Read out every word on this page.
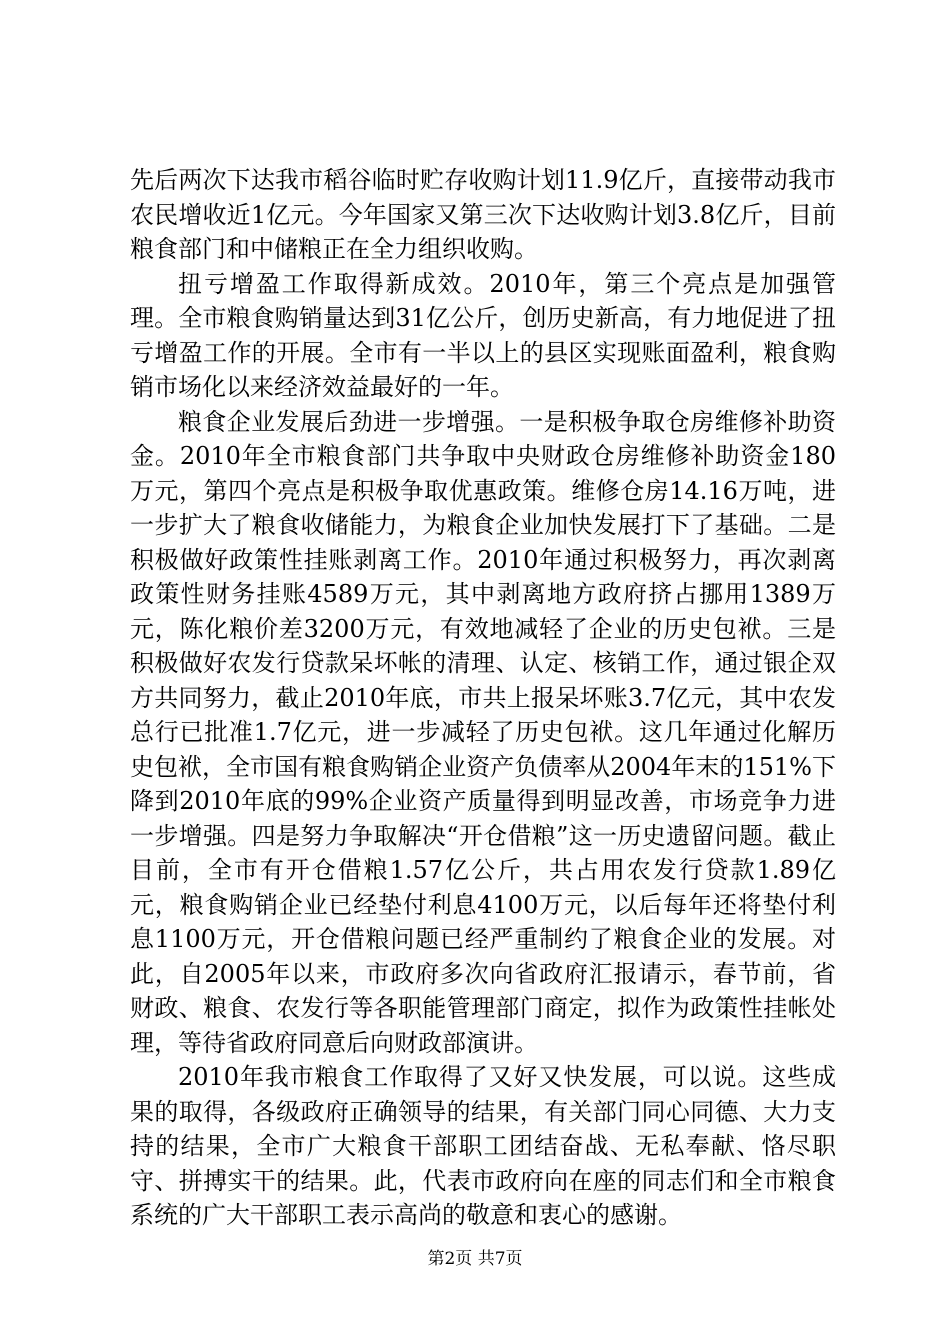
先后两次下达我市稻谷临时贮存收购计划11.9亿斤，直接带动我市农民增收近1亿元。今年国家又第三次下达收购计划3.8亿斤，目前粮食部门和中储粮正在全力组织收购。

扭亏增盈工作取得新成效。2010年，第三个亮点是加强管理。全市粮食购销量达到31亿公斤，创历史新高，有力地促进了扭亏增盈工作的开展。全市有一半以上的县区实现账面盈利，粮食购销市场化以来经济效益最好的一年。

粮食企业发展后劲进一步增强。一是积极争取仓房维修补助资金。2010年全市粮食部门共争取中央财政仓房维修补助资金180万元，第四个亮点是积极争取优惠政策。维修仓房14.16万吨，进一步扩大了粮食收储能力，为粮食企业加快发展打下了基础。二是积极做好政策性挂账剥离工作。2010年通过积极努力，再次剥离政策性财务挂账4589万元，其中剥离地方政府挤占挪用1389万元，陈化粮价差3200万元，有效地减轻了企业的历史包袱。三是积极做好农发行贷款呆坏帐的清理、认定、核销工作，通过银企双方共同努力，截止2010年底，市共上报呆坏账3.7亿元，其中农发总行已批准1.7亿元，进一步减轻了历史包袱。这几年通过化解历史包袱，全市国有粮食购销企业资产负债率从2004年末的151%下降到2010年底的99%企业资产质量得到明显改善，市场竞争力进一步增强。四是努力争取解决“开仓借粮”这一历史遗留问题。截止目前，全市有开仓借粮1.57亿公斤，共占用农发行贷款1.89亿元，粮食购销企业已经垫付利息4100万元，以后每年还将垫付利息1100万元，开仓借粮问题已经严重制约了粮食企业的发展。对此，自2005年以来，市政府多次向省政府汇报请示，春节前，省财政、粮食、农发行等各职能管理部门商定，拟作为政策性挂帐处理，等待省政府同意后向财政部演讲。

2010年我市粮食工作取得了又好又快发展，可以说。这些成果的取得，各级政府正确领导的结果，有关部门同心同德、大力支持的结果，全市广大粮食干部职工团结奋战、无私奉献、恪尽职守、拼搏实干的结果。此，代表市政府向在座的同志们和全市粮食系统的广大干部职工表示高尚的敬意和衷心的感谢。

第2页 共7页
